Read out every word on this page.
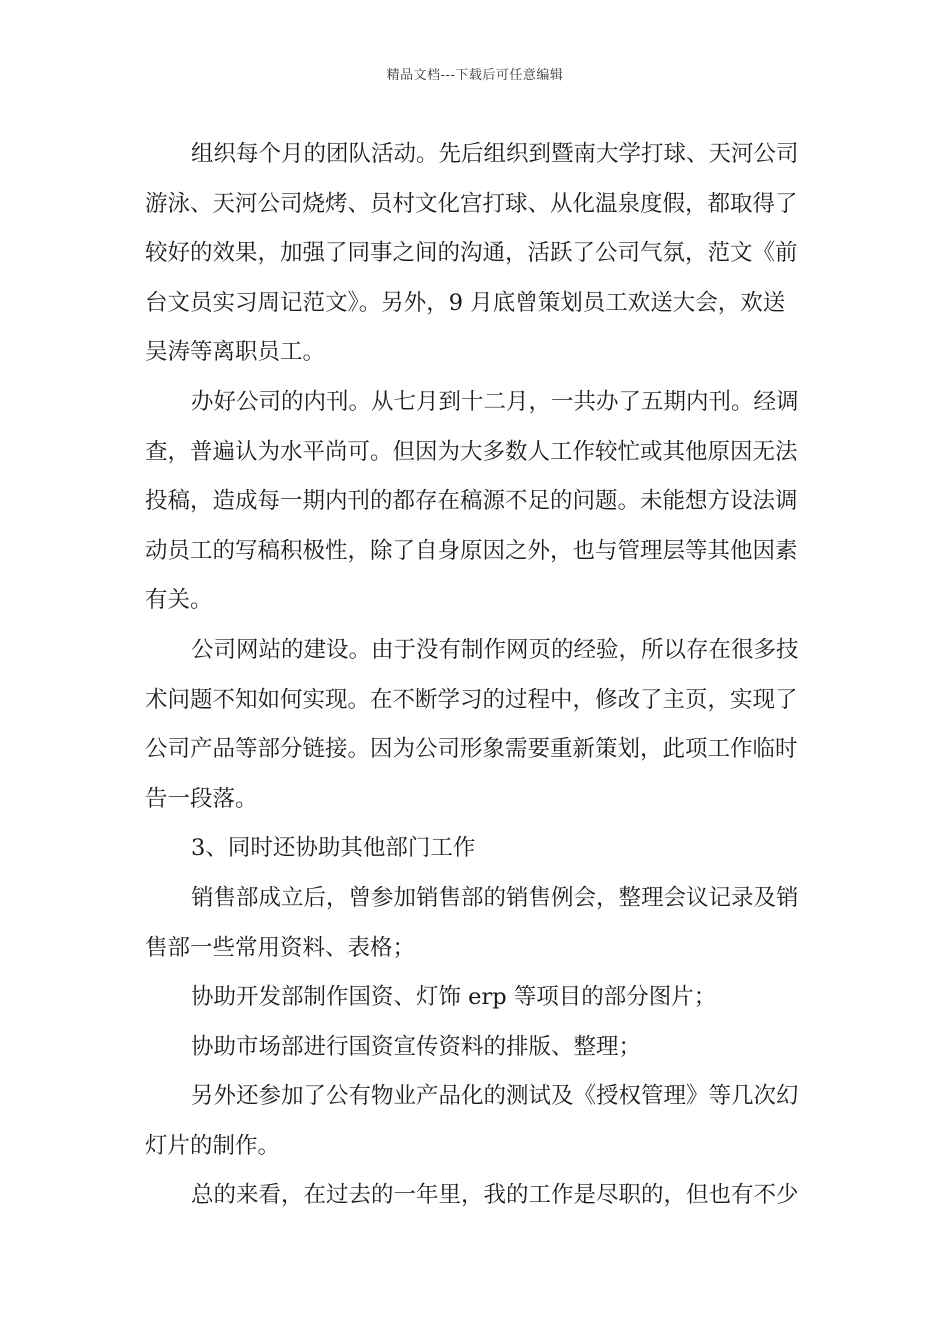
精品文档---下载后可任意编辑
组织每个月的团队活动。先后组织到暨南大学打球、天河公司
游泳、天河公司烧烤、员村文化宫打球、从化温泉度假，都取得了
较好的效果，加强了同事之间的沟通，活跃了公司气氛，范文《前
台文员实习周记范文》。另外，9 月底曾策划员工欢送大会，欢送
吴涛等离职员工。
办好公司的内刊。从七月到十二月，一共办了五期内刊。经调
查，普遍认为水平尚可。但因为大多数人工作较忙或其他原因无法
投稿，造成每一期内刊的都存在稿源不足的问题。未能想方设法调
动员工的写稿积极性，除了自身原因之外，也与管理层等其他因素
有关。
公司网站的建设。由于没有制作网页的经验，所以存在很多技
术问题不知如何实现。在不断学习的过程中，修改了主页，实现了
公司产品等部分链接。因为公司形象需要重新策划，此项工作临时
告一段落。
3、同时还协助其他部门工作
销售部成立后，曾参加销售部的销售例会，整理会议记录及销
售部一些常用资料、表格；
协助开发部制作国资、灯饰 erp 等项目的部分图片；
协助市场部进行国资宣传资料的排版、整理；
另外还参加了公有物业产品化的测试及《授权管理》等几次幻
灯片的制作。
总的来看，在过去的一年里，我的工作是尽职的，但也有不少
